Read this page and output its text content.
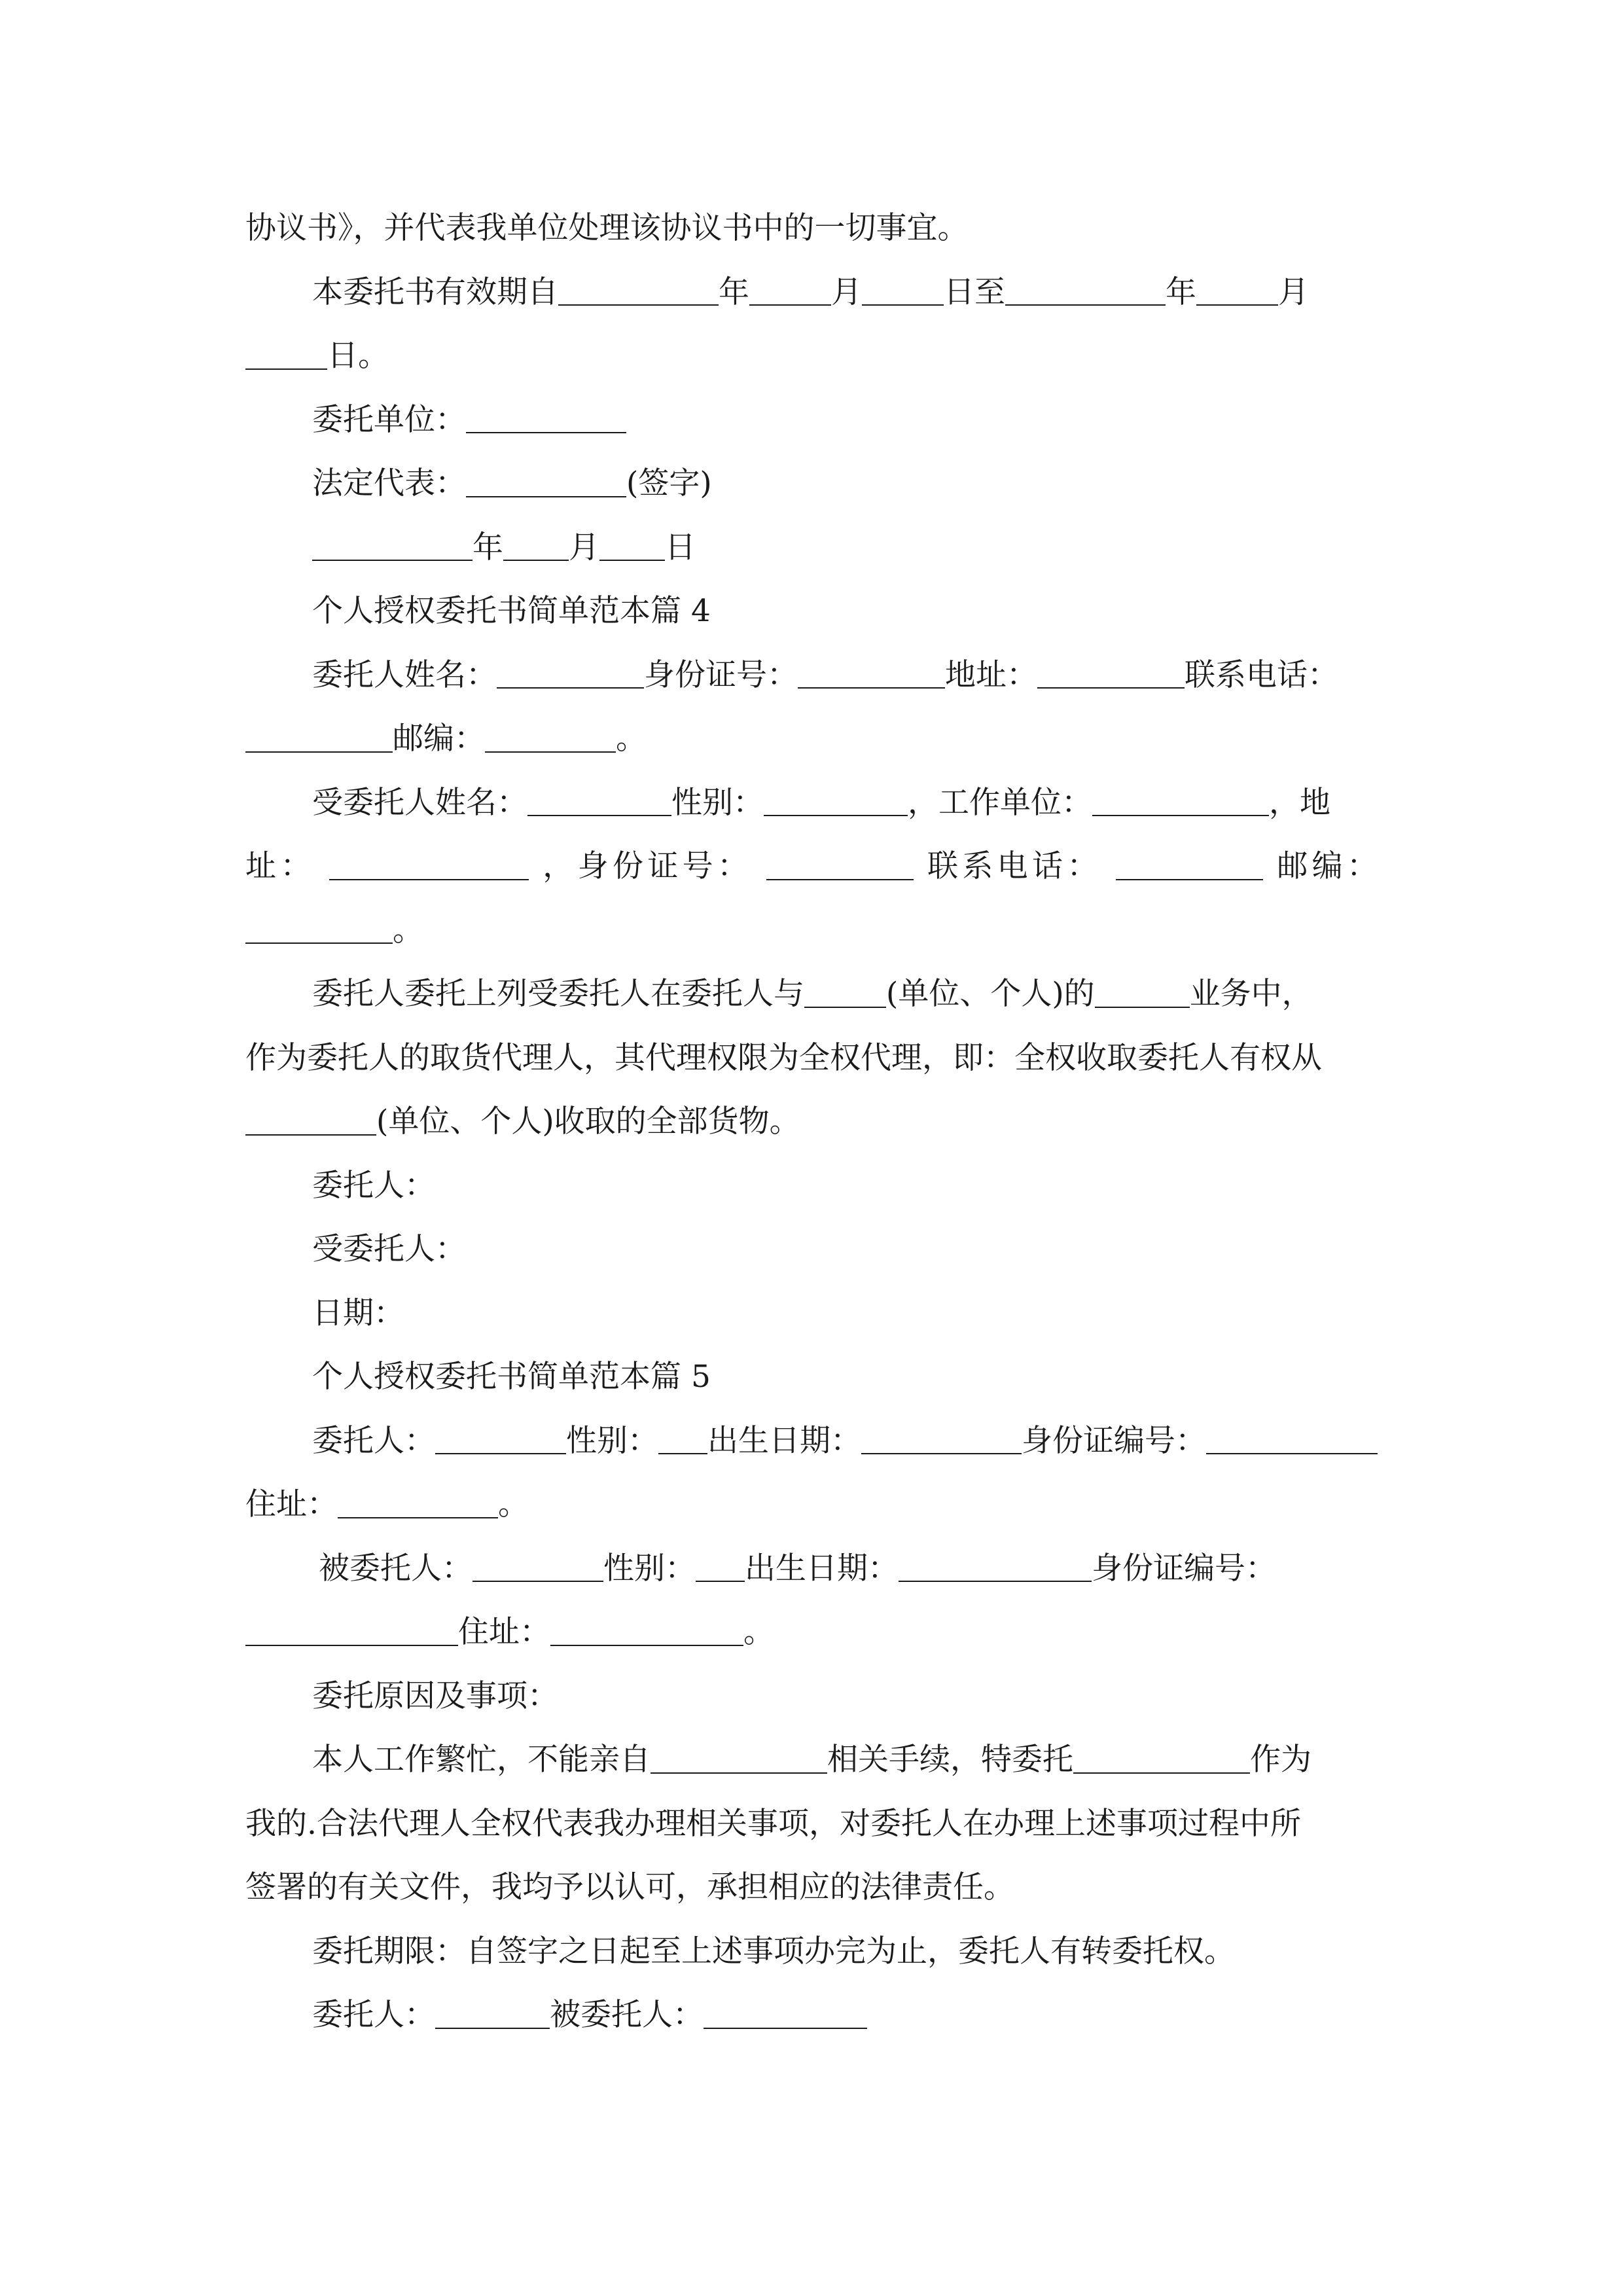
协议书》，并代表我单位处理该协议书中的一切事宜。
本委托书有效期自	年	月	日至	年	月
日。
委托单位：
法定代表：	(签字)
年 月 日
个人授权委托书简单范本篇 4
委托人姓名：	身份证号：	地址：	联系电话：
邮编：	。
受委托人姓名：	性别：	，工作单位：	，地
址：	，身份证号：	联系电话：	邮编：
。
委托人委托上列受委托人在委托人与	(单位、个人)的	业务中，
作为委托人的取货代理人，其代理权限为全权代理，即：全权收取委托人有权从
(单位、个人)收取的全部货物。
委托人：
受委托人：
日期：
个人授权委托书简单范本篇 5
委托人：	性别： 出生日期：	身份证编号：
住址：	。
被委托人：	性别： 出生日期：	身份证编号：
住址：	。
委托原因及事项：
本人工作繁忙，不能亲自	相关手续，特委托	作为
我的.合法代理人全权代表我办理相关事项，对委托人在办理上述事项过程中所
签署的有关文件，我均予以认可，承担相应的法律责任。
委托期限：自签字之日起至上述事项办完为止，委托人有转委托权。
委托人：	被委托人：
